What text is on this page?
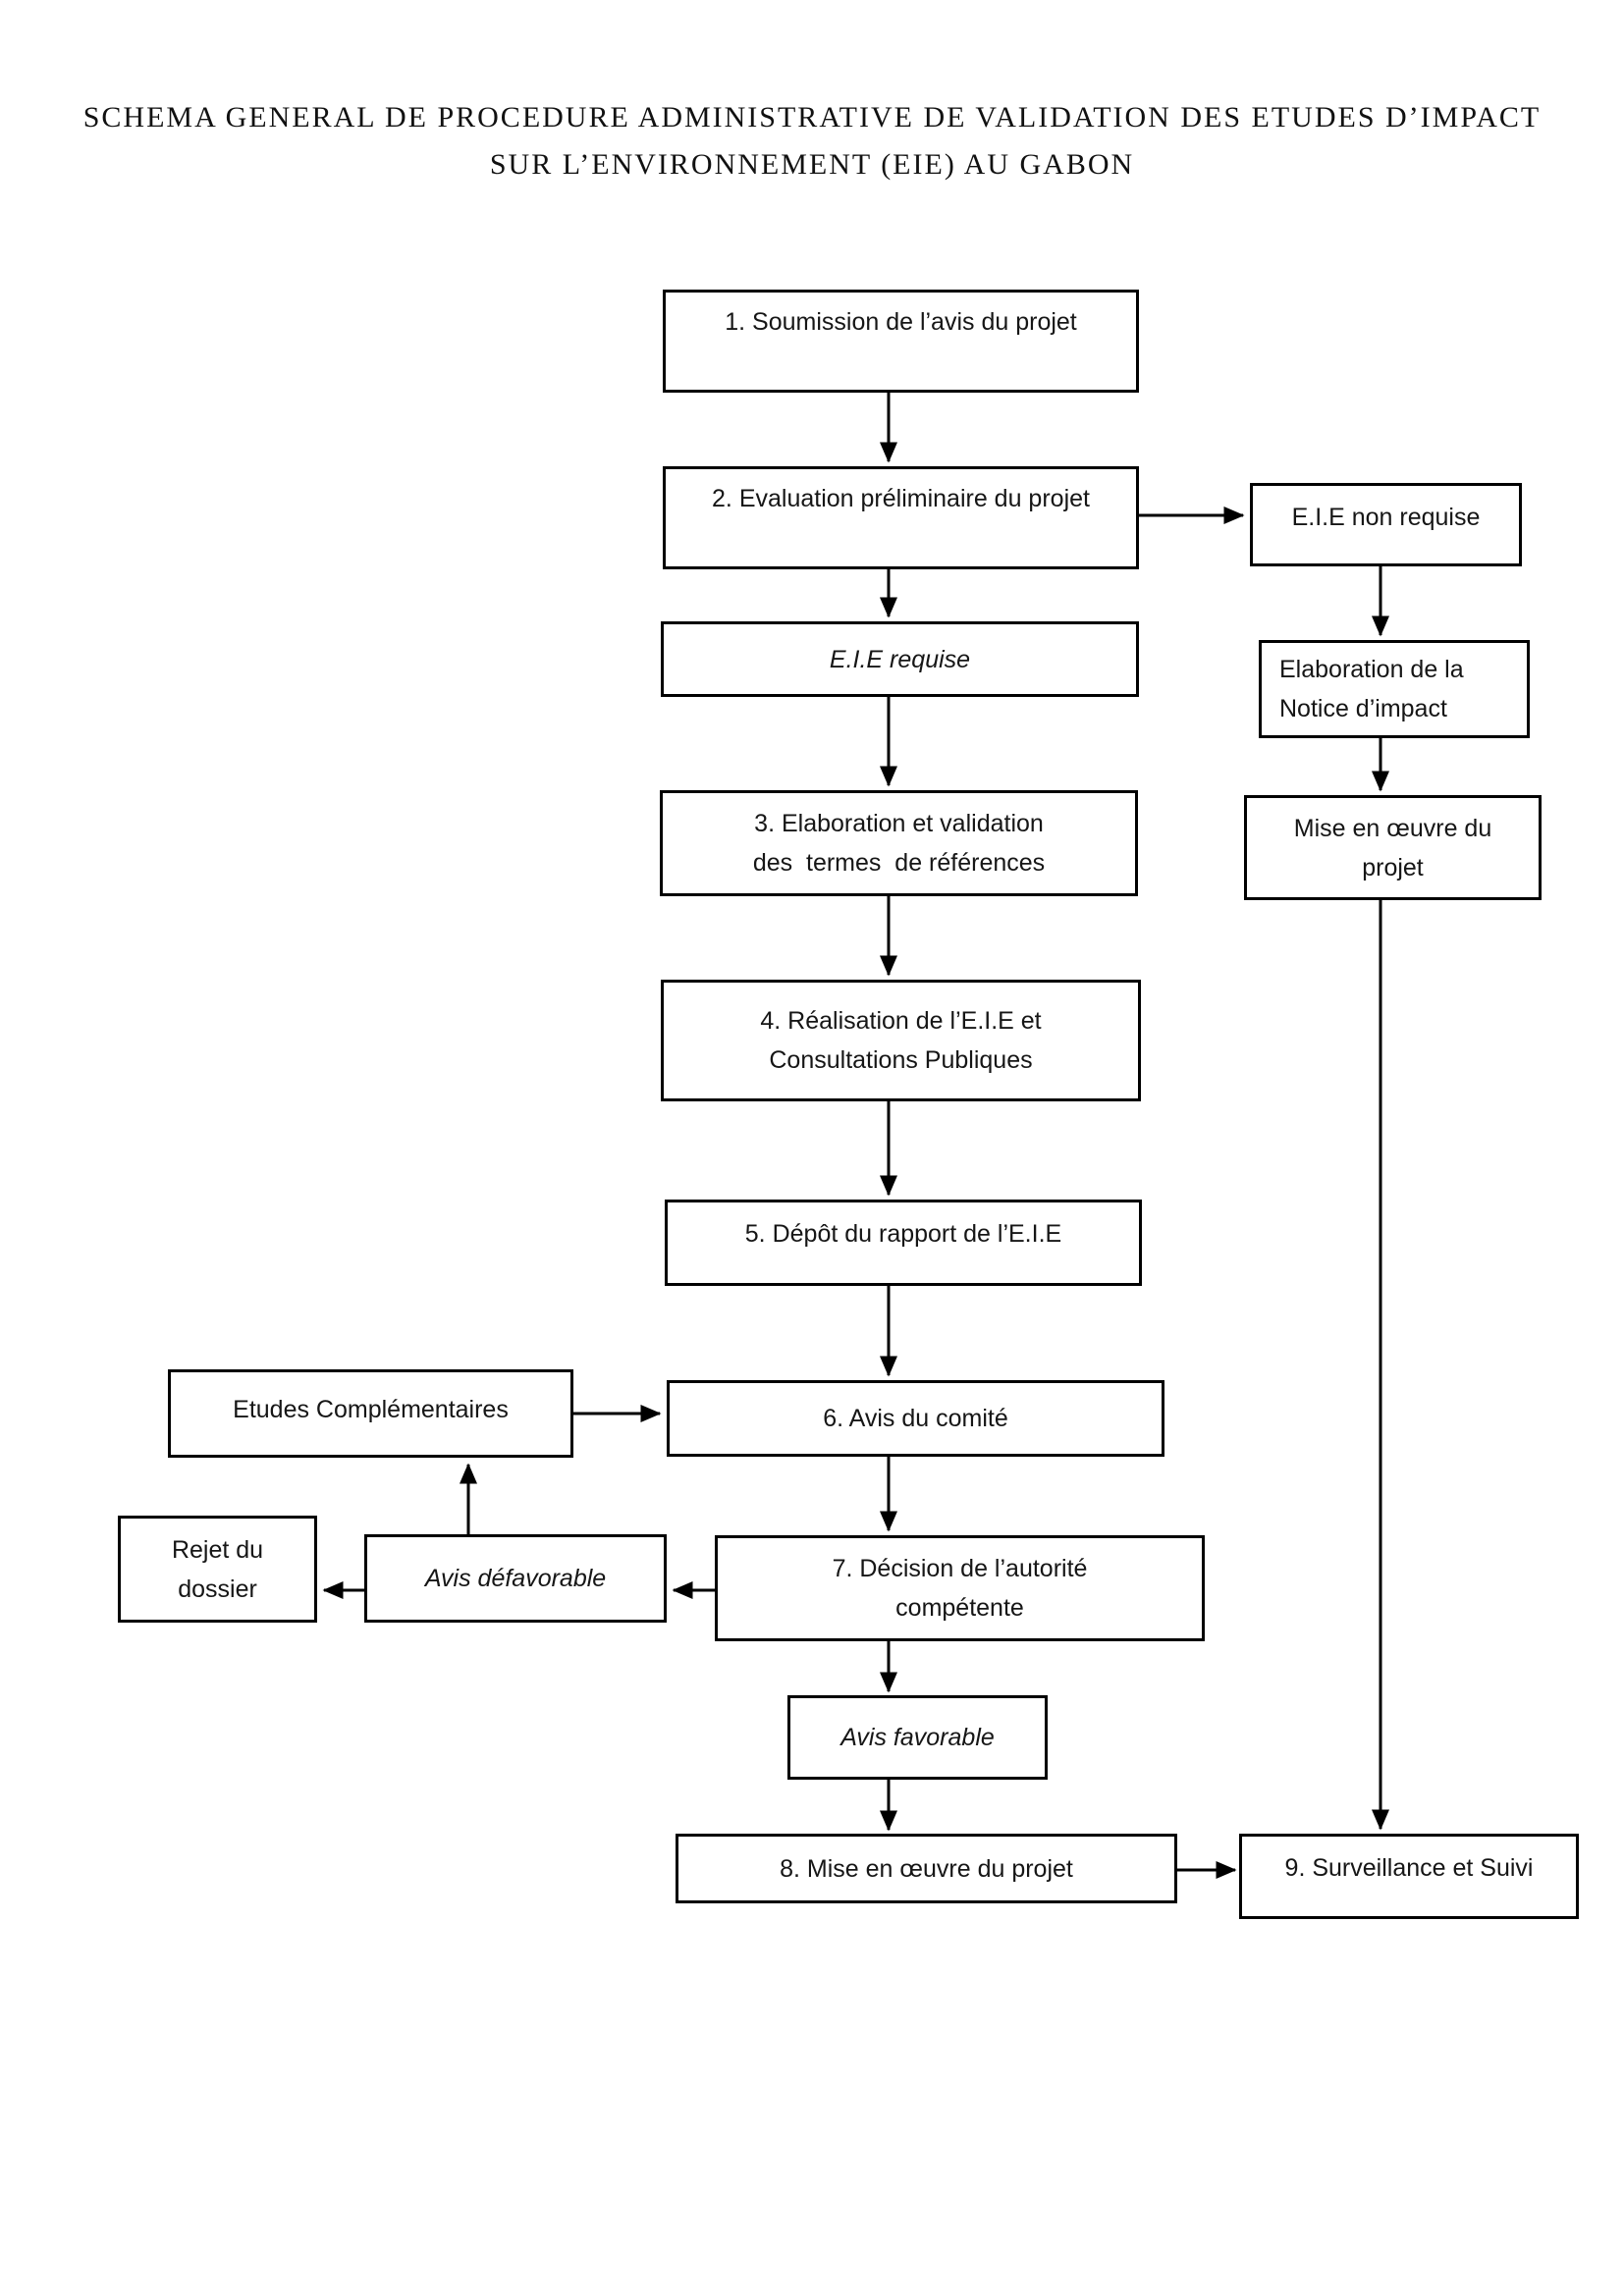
SCHEMA GENERAL DE PROCEDURE ADMINISTRATIVE DE VALIDATION DES ETUDES D’IMPACT
SUR L’ENVIRONNEMENT (EIE) AU GABON
1. Soumission de l’avis du projet
2. Evaluation préliminaire du projet
E.I.E non requise
E.I.E requise	Elaboration de la
Notice d’impact
Mise en œuvre du
projet
3. Elaboration et validation
des  termes  de références
4. Réalisation de l’E.I.E et
Consultations Publiques
5. Dépôt du rapport de l’E.I.E
Etudes Complémentaires	6. Avis du comité
Rejet du
dossier	Avis défavorable	7. Décision de l’autorité
compétente
Avis favorable
8. Mise en œuvre du projet	9. Surveillance et Suivi
